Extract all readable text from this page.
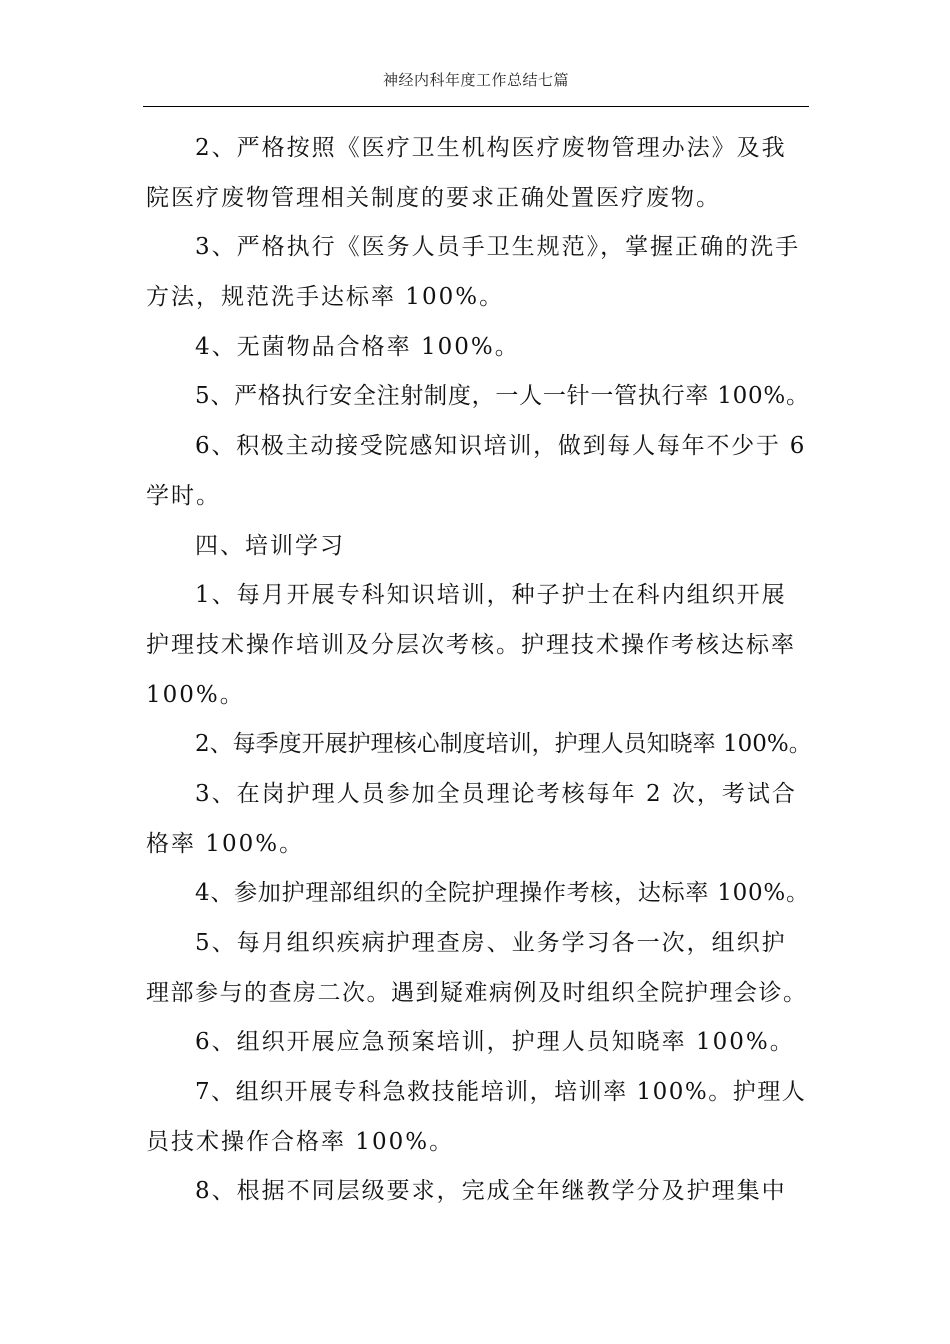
神经内科年度工作总结七篇
2、严格按照《医疗卫生机构医疗废物管理办法》及我
院医疗废物管理相关制度的要求正确处置医疗废物。
3、严格执行《医务人员手卫生规范》，掌握正确的洗手
方法，规范洗手达标率 100%。
4、无菌物品合格率 100%。
5、严格执行安全注射制度，一人一针一管执行率 100%。
6、积极主动接受院感知识培训，做到每人每年不少于 6
学时。
四、培训学习
1、每月开展专科知识培训，种子护士在科内组织开展
护理技术操作培训及分层次考核。护理技术操作考核达标率
100%。
2、每季度开展护理核心制度培训，护理人员知晓率 100%。
3、在岗护理人员参加全员理论考核每年 2 次，考试合
格率 100%。
4、参加护理部组织的全院护理操作考核，达标率 100%。
5、每月组织疾病护理查房、业务学习各一次，组织护
理部参与的查房二次。遇到疑难病例及时组织全院护理会诊。
6、组织开展应急预案培训，护理人员知晓率 100%。
7、组织开展专科急救技能培训，培训率 100%。护理人
员技术操作合格率 100%。
8、根据不同层级要求，完成全年继教学分及护理集中
